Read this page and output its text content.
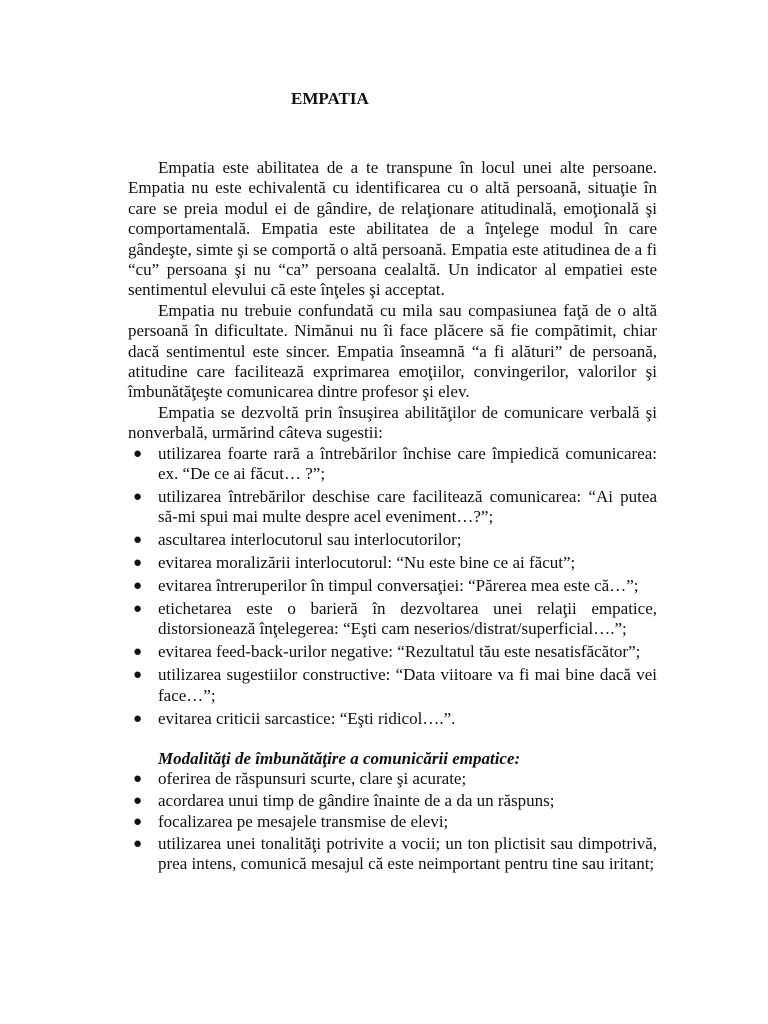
EMPATIA

Empatia este abilitatea de a te transpune în locul unei alte persoane. Empatia nu este echivalentă cu identificarea cu o altă persoană, situaţie în care se preia modul ei de gândire, de relaţionare atitudinală, emoţională şi comportamentală. Empatia este abilitatea de a înţelege modul în care gândeşte, simte şi se comportă o altă persoană. Empatia este atitudinea de a fi “cu” persoana şi nu “ca” persoana cealaltă. Un indicator al empatiei este sentimentul elevului că este înţeles şi acceptat.

Empatia nu trebuie confundată cu mila sau compasiunea faţă de o altă persoană în dificultate. Nimănui nu îi face plăcere să fie compătimit, chiar dacă sentimentul este sincer. Empatia înseamnă “a fi alături” de persoană, atitudine care facilitează exprimarea emoţiilor, convingerilor, valorilor şi îmbunătăţeşte comunicarea dintre profesor şi elev.

Empatia se dezvoltă prin însuşirea abilităţilor de comunicare verbală şi nonverbală, urmărind câteva sugestii:

● utilizarea foarte rară a întrebărilor închise care împiedică comunicarea: ex. “De ce ai făcut… ?”;
● utilizarea întrebărilor deschise care facilitează comunicarea: “Ai putea să-mi spui mai multe despre acel eveniment…?”;
● ascultarea interlocutorul sau interlocutorilor;
● evitarea moralizării interlocutorul: “Nu este bine ce ai făcut”;
● evitarea întreruperilor în timpul conversaţiei: “Părerea mea este că…”;
● etichetarea este o barieră în dezvoltarea unei relaţii empatice, distorsionează înţelegerea: “Eşti cam neserios/distrat/superficial….”;
● evitarea feed-back-urilor negative: “Rezultatul tău este nesatisfăcător”;
● utilizarea sugestiilor constructive: “Data viitoare va fi mai bine dacă vei face…”;
● evitarea criticii sarcastice: “Eşti ridicol….”.
Modalităţi de îmbunătăţire a comunicării empatice:
● oferirea de răspunsuri scurte, clare şi acurate;
● acordarea unui timp de gândire înainte de a da un răspuns;
● focalizarea pe mesajele transmise de elevi;
● utilizarea unei tonalităţi potrivite a vocii; un ton plictisit sau dimpotrivă, prea intens, comunică mesajul că este neimportant pentru tine sau iritant;
